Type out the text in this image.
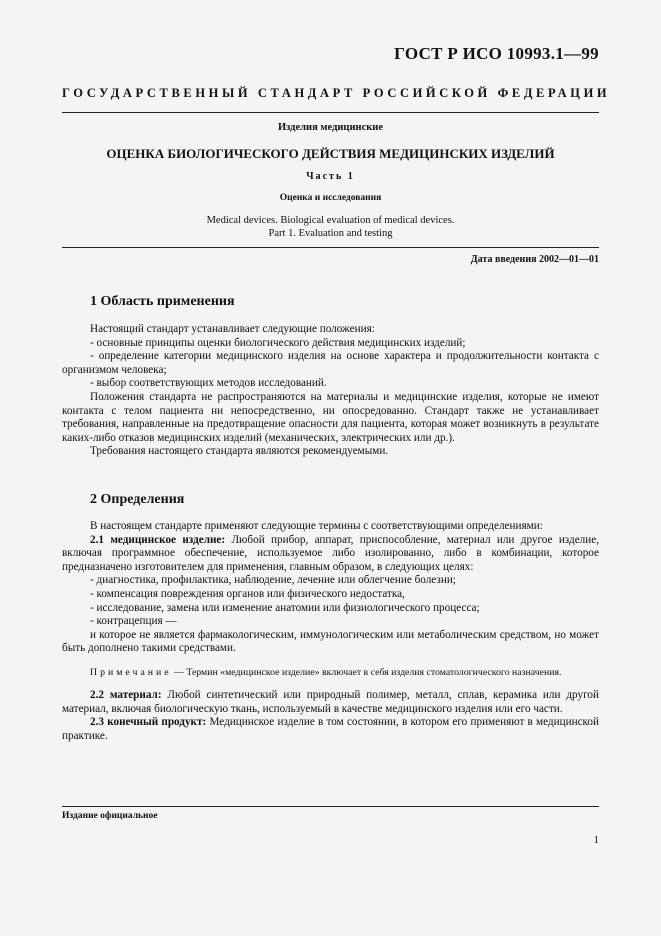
ГОСТ Р ИСО 10993.1—99
ГОСУДАРСТВЕННЫЙ СТАНДАРТ РОССИЙСКОЙ ФЕДЕРАЦИИ
Изделия медицинские
ОЦЕНКА БИОЛОГИЧЕСКОГО ДЕЙСТВИЯ МЕДИЦИНСКИХ ИЗДЕЛИЙ
Часть 1
Оценка и исследования
Medical devices. Biological evaluation of medical devices.
Part 1. Evaluation and testing
Дата введения 2002—01—01
1 Область применения

Настоящий стандарт устанавливает следующие положения:

- основные принципы оценки биологического действия медицинских изделий;

- определение категории медицинского изделия на основе характера и продолжительности контакта с организмом человека;

- выбор соответствующих методов исследований.

Положения стандарта не распространяются на материалы и медицинские изделия, которые не имеют контакта с телом пациента ни непосредственно, ни опосредованно. Стандарт также не устанавливает требования, направленные на предотвращение опасности для пациента, которая может возникнуть в результате каких-либо отказов медицинских изделий (механических, электрических или др.).

Требования настоящего стандарта являются рекомендуемыми.

2 Определения

В настоящем стандарте применяют следующие термины с соответствующими определениями:

2.1 медицинское изделие: Любой прибор, аппарат, приспособление, материал или другое изделие, включая программное обеспечение, используемое либо изолированно, либо в комбинации, которое предназначено изготовителем для применения, главным образом, в следующих целях:

- диагностика, профилактика, наблюдение, лечение или облегчение болезни;

- компенсация повреждения органов или физического недостатка,

- исследование, замена или изменение анатомии или физиологического процесса;

- контрацепция —

и которое не является фармакологическим, иммунологическим или метаболическим средством, но может быть дополнено такими средствами.

Примечание — Термин «медицинское изделие» включает в себя изделия стоматологического назначения.

2.2 материал: Любой синтетический или природный полимер, металл, сплав, керамика или другой материал, включая биологическую ткань, используемый в качестве медицинского изделия или его части.

2.3 конечный продукт: Медицинское изделие в том состоянии, в котором его применяют в медицинской практике.

Издание официальное
1
